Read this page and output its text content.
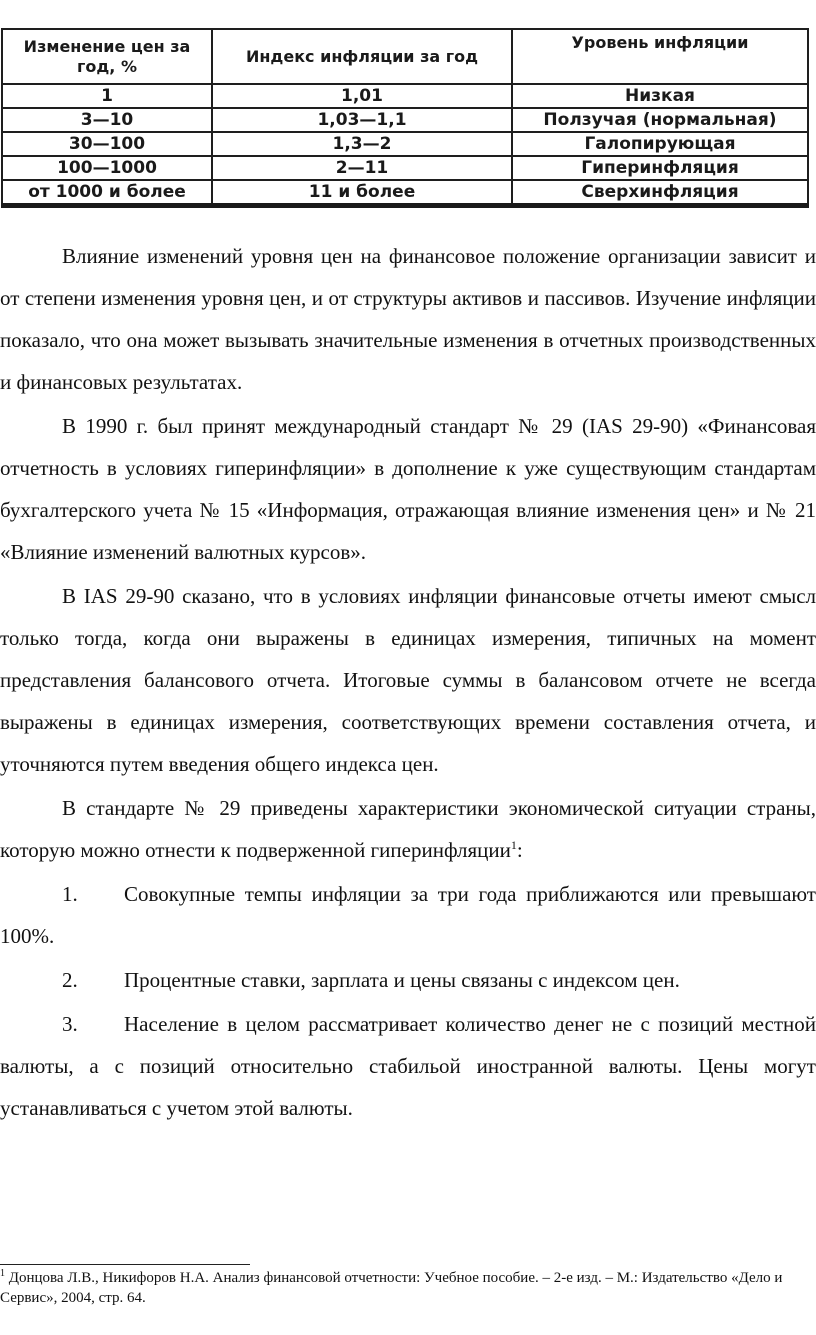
Изменение цен за год, %	Индекс инфляции за год	Уровень инфляции
1	1,01	Низкая
3—10	1,03—1,1	Ползучая (нормальная)
30—100	1,3—2	Галопирующая
100—1000	2—11	Гиперинфляция
от 1000 и более	11 и более	Сверхинфляция

Влияние изменений уровня цен на финансовое положение организации зависит и от степени изменения уровня цен, и от структуры активов и пассивов. Изучение инфляции показало, что она может вызывать значительные изменения в отчетных производственных и финансовых результатах.

В 1990 г. был принят международный стандарт № 29 (IAS 29-90) «Финансовая отчетность в условиях гиперинфляции» в дополнение к уже существующим стандартам бухгалтерского учета № 15 «Информация, отражающая влияние изменения цен» и № 21 «Влияние изменений валютных курсов».

В IAS 29-90 сказано, что в условиях инфляции финансовые отчеты имеют смысл только тогда, когда они выражены в единицах измерения, типичных на момент представления балансового отчета. Итоговые суммы в балансовом отчете не всегда выражены в единицах измерения, соответствующих времени составления отчета, и уточняются путем введения общего индекса цен.

В стандарте № 29 приведены характеристики экономической ситуации страны, которую можно отнести к подверженной гиперинфляции$^1$:

1. Совокупные темпы инфляции за три года приближаются или превышают 100%.
2. Процентные ставки, зарплата и цены связаны с индексом цен.
3. Население в целом рассматривает количество денег не с позиций местной валюты, а с позиций относительно стабильой иностранной валюты. Цены могут устанавливаться с учетом этой валюты.
$^1$ Донцова Л.В., Никифоров Н.А. Анализ финансовой отчетности: Учебное пособие. – 2-е изд. – М.: Издательство «Дело и Сервис», 2004, стр. 64.
